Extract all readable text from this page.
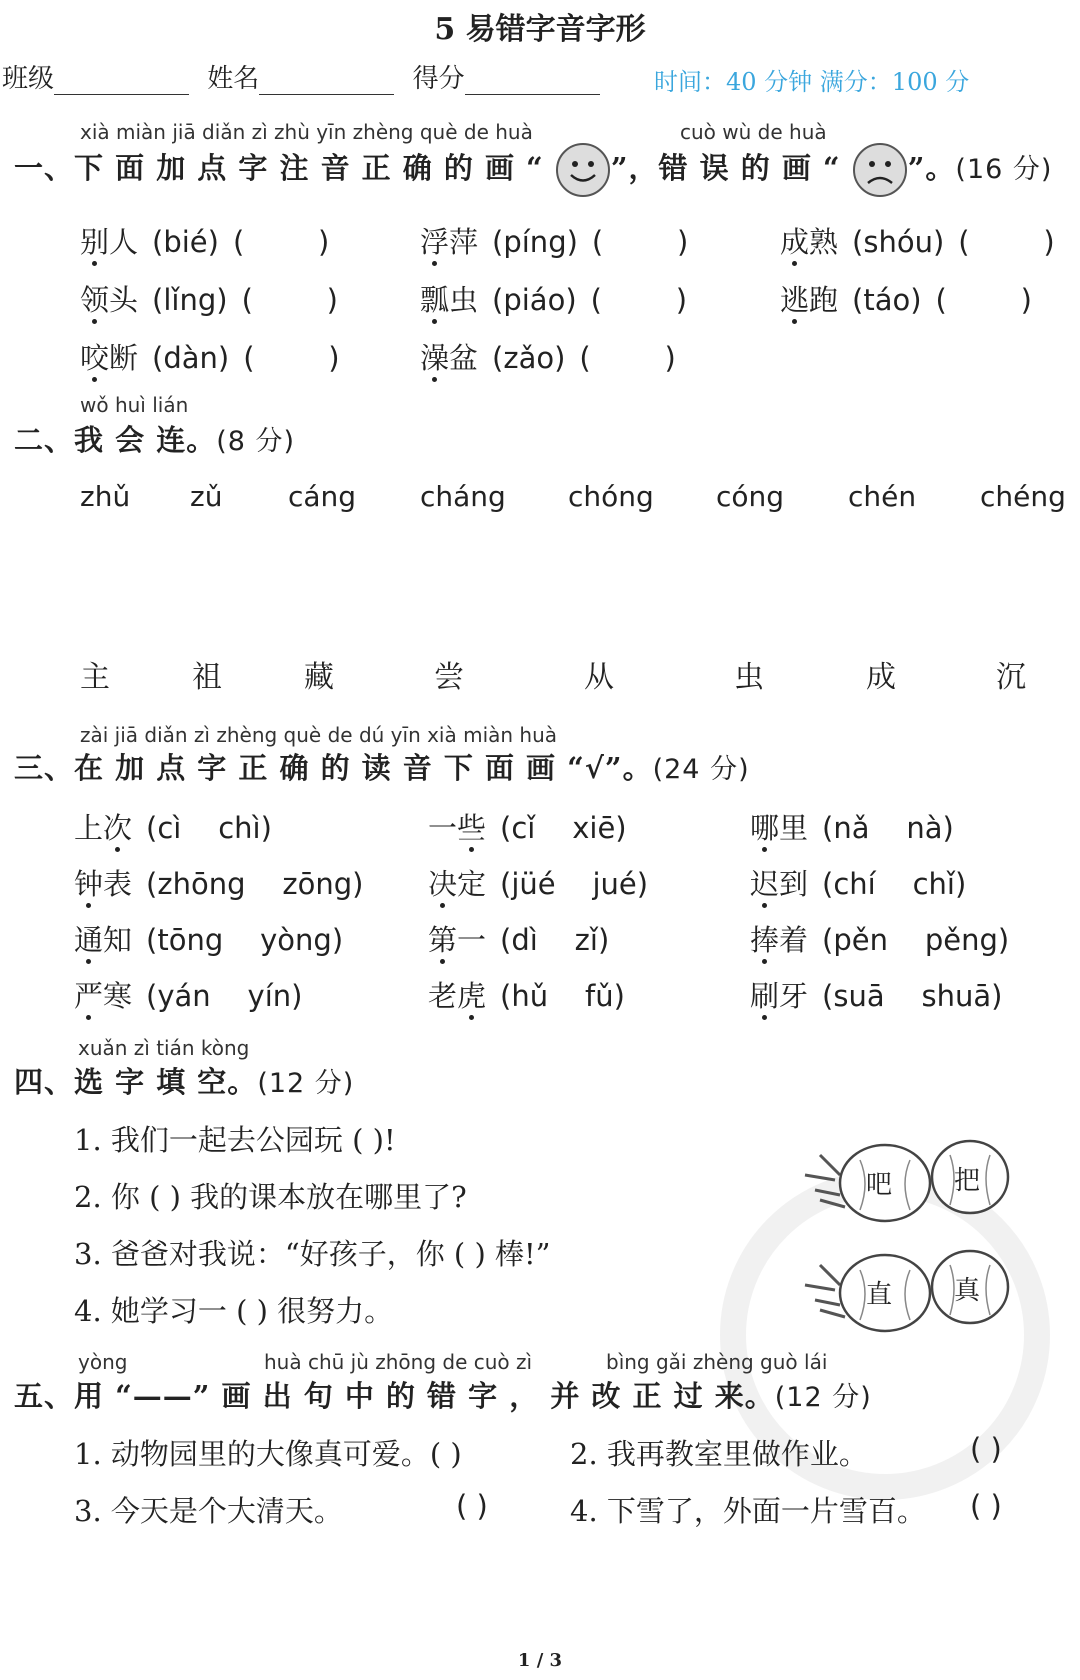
5 易错字音字形
班级	姓名	得分	时间：40 分钟 满分：100 分
xià miàn jiā diǎn zì zhù yīn zhèng què de huà	cuò wù de huà
一、下 面 加 点 字 注 音 正 确 的 画 “ ”，错 误 的 画 “ ”。(16 分)
别人 (bié) (        )	浮萍 (píng) (        )	成熟 (shóu) (        )
领头 (lǐng) (        )	瓢虫 (piáo) (        )	逃跑 (táo) (        )
咬断 (dàn) (        )	澡盆 (zǎo) (        )
wǒ huì lián
二、我 会 连。(8 分)
zhǔ zǔ cáng cháng chóng cóng chén chéng
主	祖	藏	尝	从	虫	成	沉
zài jiā diǎn zì zhèng què de dú yīn xià miàn huà
三、在 加 点 字 正 确 的 读 音 下 面 画 “√”。(24 分)
上次 (cì    chì)	一些 (cǐ    xiē)	哪里 (nǎ    nà)
钟表 (zhōng    zōng) 决定 (jüé    jué)	迟到 (chí    chǐ)
通知 (tōng    yòng)	第一 (dì    zǐ)	捧着 (pěn    pěng)
严寒 (yán    yín)	老虎 (hǔ    fǔ)	刷牙 (suā    shuā)
xuǎn zì tián kòng
四、选 字 填 空。(12 分)
1. 我们一起去公园玩 ( )!
2. 你 ( ) 我的课本放在哪里了?
3. 爸爸对我说：“好孩子，你 ( ) 棒!”
4. 她学习一 ( ) 很努力。
吧 把
直 真
yòng	huà chū jù zhōng de cuò zì	bìng gǎi zhèng guò lái
五、用 “——” 画 出 句 中 的 错 字 ， 并 改 正 过 来。(12 分)
1. 动物园里的大像真可爱。( )	2. 我再教室里做作业。	( )
3. 今天是个大清天。	( )	4. 下雪了，外面一片雪百。 ( )
1 / 3
